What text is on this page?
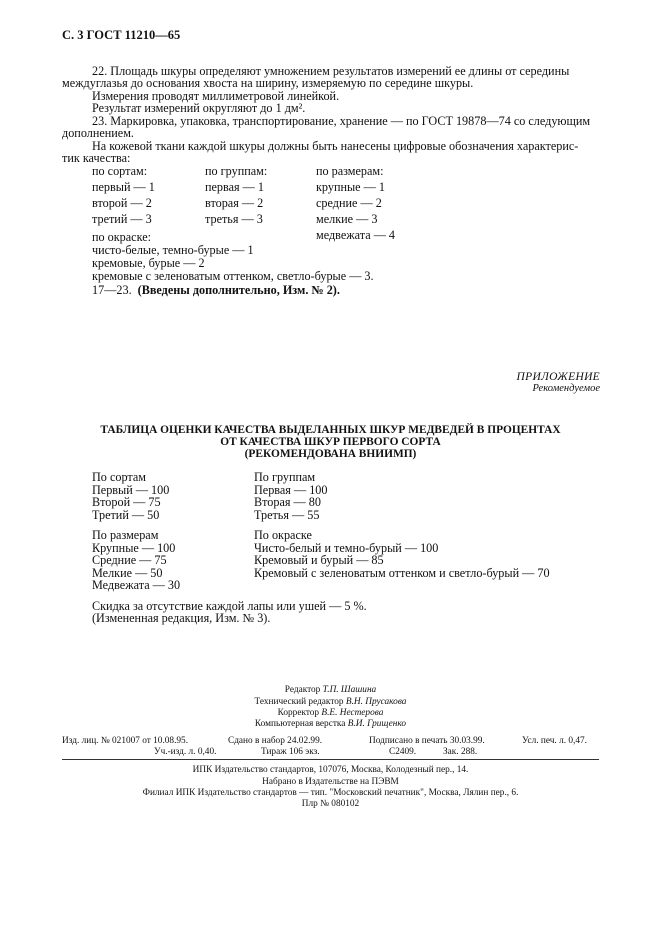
С. 3 ГОСТ 11210—65
22. Площадь шкуры определяют умножением результатов измерений ее длины от середины
междуглазья до основания хвоста на ширину, измеряемую по середине шкуры.
Измерения проводят миллиметровой линейкой.
Результат измерений округляют до 1 дм².
23. Маркировка, упаковка, транспортирование, хранение — по ГОСТ 19878—74 со следующим
дополнением.
На кожевой ткани каждой шкуры должны быть нанесены цифровые обозначения характерис-
тик качества:
по сортам:
первый — 1
второй — 2
третий — 3
по группам:
первая — 1
вторая — 2
третья — 3
по размерам:
крупные — 1
средние — 2
мелкие — 3
медвежата — 4
по окраске:
чисто-белые, темно-бурые — 1
кремовые, бурые — 2
кремовые с зеленоватым оттенком, светло-бурые — 3.
17—23. (Введены дополнительно, Изм. № 2).
ПРИЛОЖЕНИЕ
Рекомендуемое
ТАБЛИЦА ОЦЕНКИ КАЧЕСТВА ВЫДЕЛАННЫХ ШКУР МЕДВЕДЕЙ В ПРОЦЕНТАХ
ОТ КАЧЕСТВА ШКУР ПЕРВОГО СОРТА
(РЕКОМЕНДОВАНА ВНИИМП)
По сортам
Первый — 100
Второй — 75
Третий — 50
По группам
Первая — 100
Вторая — 80
Третья — 55
По размерам
Крупные — 100
Средние — 75
Мелкие — 50
Медвежата — 30
По окраске
Чисто-белый и темно-бурый — 100
Кремовый и бурый — 85
Кремовый с зеленоватым оттенком и светло-бурый — 70
Скидка за отсутствие каждой лапы или ушей — 5 %.
(Измененная редакция, Изм. № 3).
Редактор Т.П. Шашина
Технический редактор В.Н. Прусакова
Корректор В.Е. Нестерова
Компьютерная верстка В.И. Грищенко
Изд. лиц. № 021007 от 10.08.95.	Сдано в набор 24.02.99.	Подписано в печать 30.03.99.	Усл. печ. л. 0,47.
Уч.-изд. л. 0,40.	Тираж 106 экз.	С2409.	Зак. 288.
ИПК Издательство стандартов, 107076, Москва, Колодезный пер., 14.
Набрано в Издательстве на ПЭВМ
Филиал ИПК Издательство стандартов — тип. "Московский печатник", Москва, Лялин пер., 6.
Плр № 080102
